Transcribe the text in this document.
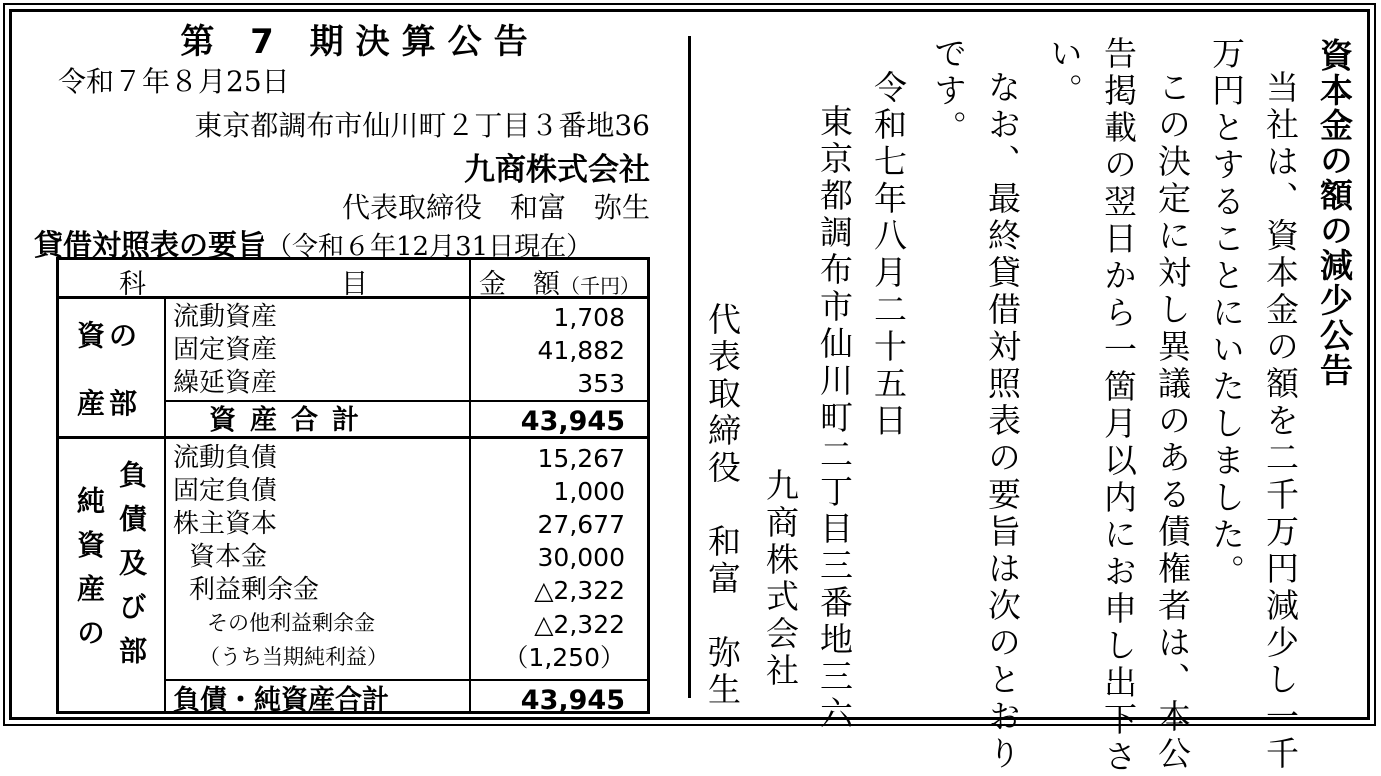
第 7 期決算公告
令和７年８月25日
東京都調布市仙川町２丁目３番地36
九商株式会社
代表取締役　和富　弥生
貸借対照表の要旨（令和６年12月31日現在）
科	目	金　額（千円）
資の
産部
流動資産	1,708
固定資産	41,882
繰延資産	353
資産合計	43,945
負債及び部
純資産の
流動負債	15,267
固定負債	1,000
株主資本	27,677
資本金	30,000
利益剰余金	△2,322
その他利益剰余金	△2,322
（うち当期純利益）	（1,250）
負債・純資産合計	43,945
資本金の額の減少公告
当社は、資本金の額を二千万円減少し一千
万円とすることにいたしました。
この決定に対し異議のある債権者は、本公
告掲載の翌日から一箇月以内にお申し出下さ
い。
なお、最終貸借対照表の要旨は次のとおり
です。
令和七年八月二十五日
東京都調布市仙川町二丁目三番地三六
九商株式会社
代表取締役　和富　弥生
